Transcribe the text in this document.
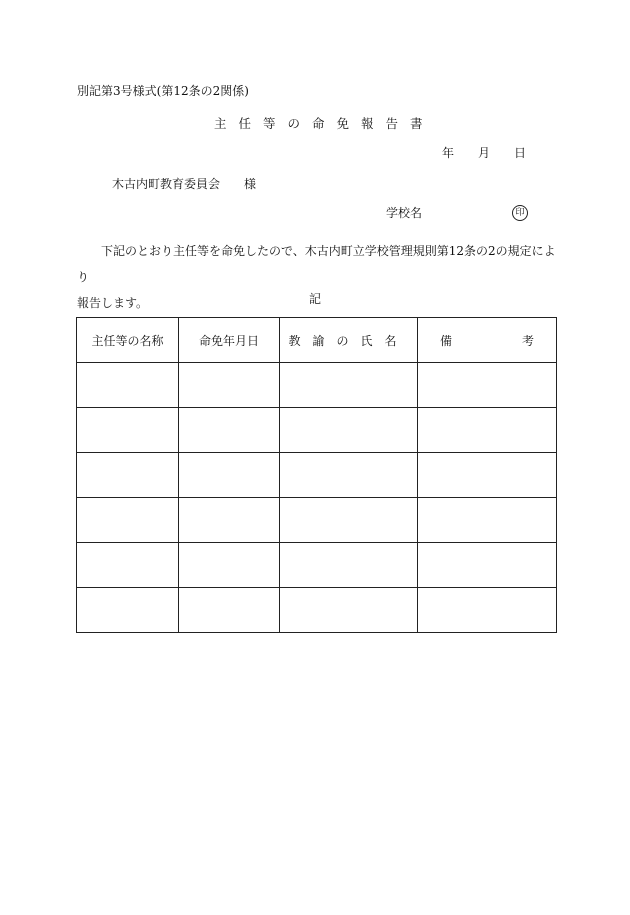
別記第3号様式(第12条の2関係)
主任等の命免報告書
年 月 日
木古内町教育委員会 様
学校名	印
下記のとおり主任等を命免したので、木古内町立学校管理規則第12条の2の規定により
報告します。	記
主任等の名称	命免年月日	教諭の氏名	備 考
